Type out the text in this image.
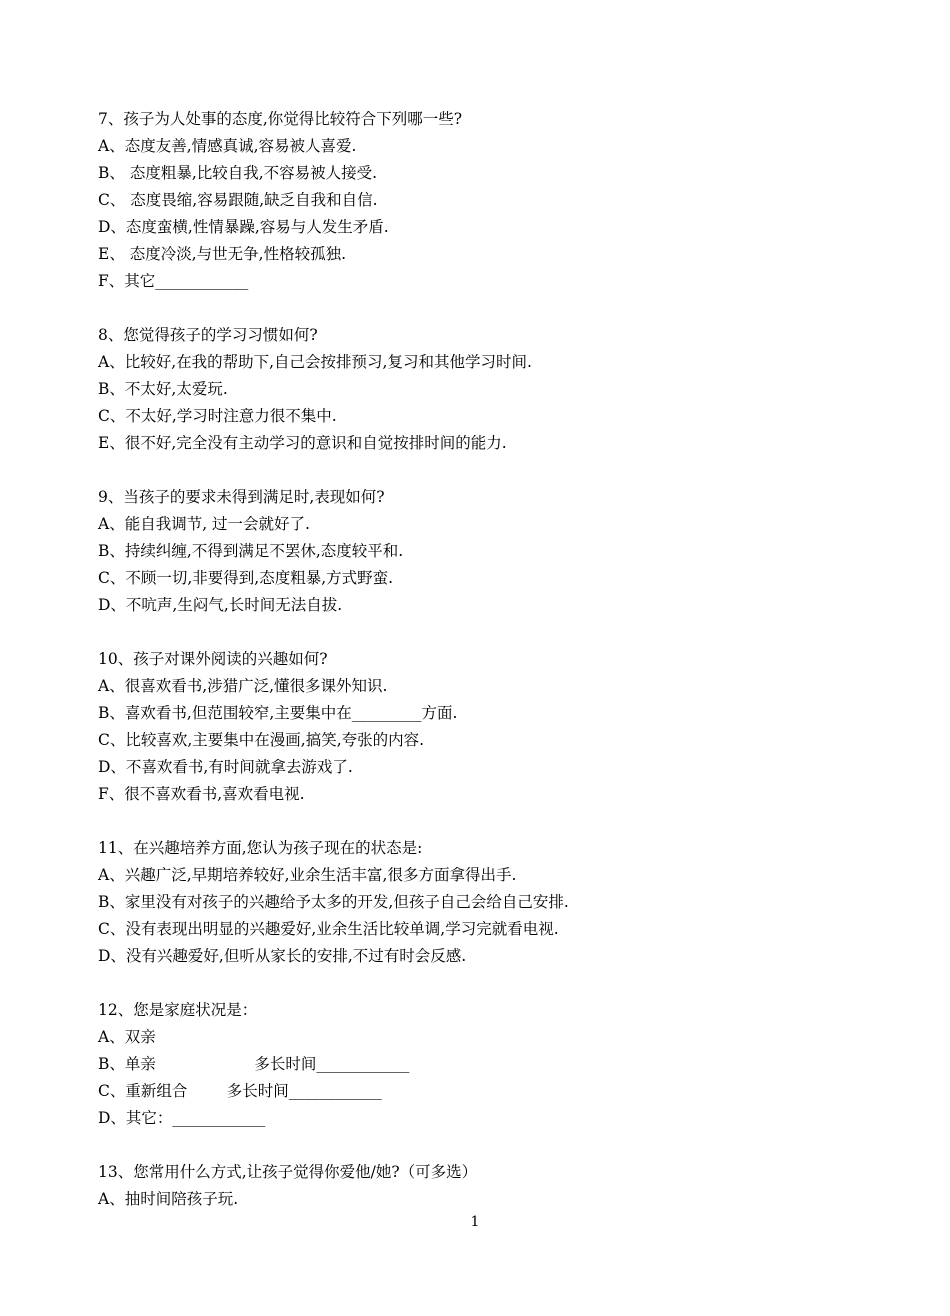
7、孩子为人处事的态度,你觉得比较符合下列哪一些?
A、态度友善,情感真诚,容易被人喜爱.
B、 态度粗暴,比较自我,不容易被人接受.
C、 态度畏缩,容易跟随,缺乏自我和自信.
D、态度蛮横,性情暴躁,容易与人发生矛盾.
E、 态度冷淡,与世无争,性格较孤独.
F、其它____________
8、您觉得孩子的学习习惯如何?
A、比较好,在我的帮助下,自己会按排预习,复习和其他学习时间.
B、不太好,太爱玩.
C、不太好,学习时注意力很不集中.
E、很不好,完全没有主动学习的意识和自觉按排时间的能力.
9、当孩子的要求未得到满足时,表现如何?
A、能自我调节, 过一会就好了.
B、持续纠缠,不得到满足不罢休,态度较平和.
C、不顾一切,非要得到,态度粗暴,方式野蛮.
D、不吭声,生闷气,长时间无法自拔.
10、孩子对课外阅读的兴趣如何?
A、很喜欢看书,涉猎广泛,懂很多课外知识.
B、喜欢看书,但范围较窄,主要集中在_________方面.
C、比较喜欢,主要集中在漫画,搞笑,夸张的内容.
D、不喜欢看书,有时间就拿去游戏了.
F、很不喜欢看书,喜欢看电视.
11、在兴趣培养方面,您认为孩子现在的状态是:
A、兴趣广泛,早期培养较好,业余生活丰富,很多方面拿得出手.
B、家里没有对孩子的兴趣给予太多的开发,但孩子自己会给自己安排.
C、没有表现出明显的兴趣爱好,业余生活比较单调,学习完就看电视.
D、没有兴趣爱好,但听从家长的安排,不过有时会反感.
12、您是家庭状况是：
A、双亲
B、单亲                    多长时间____________
C、重新组合        多长时间____________
D、其它：____________
13、您常用什么方式,让孩子觉得你爱他/她?（可多选）
A、抽时间陪孩子玩.
1
